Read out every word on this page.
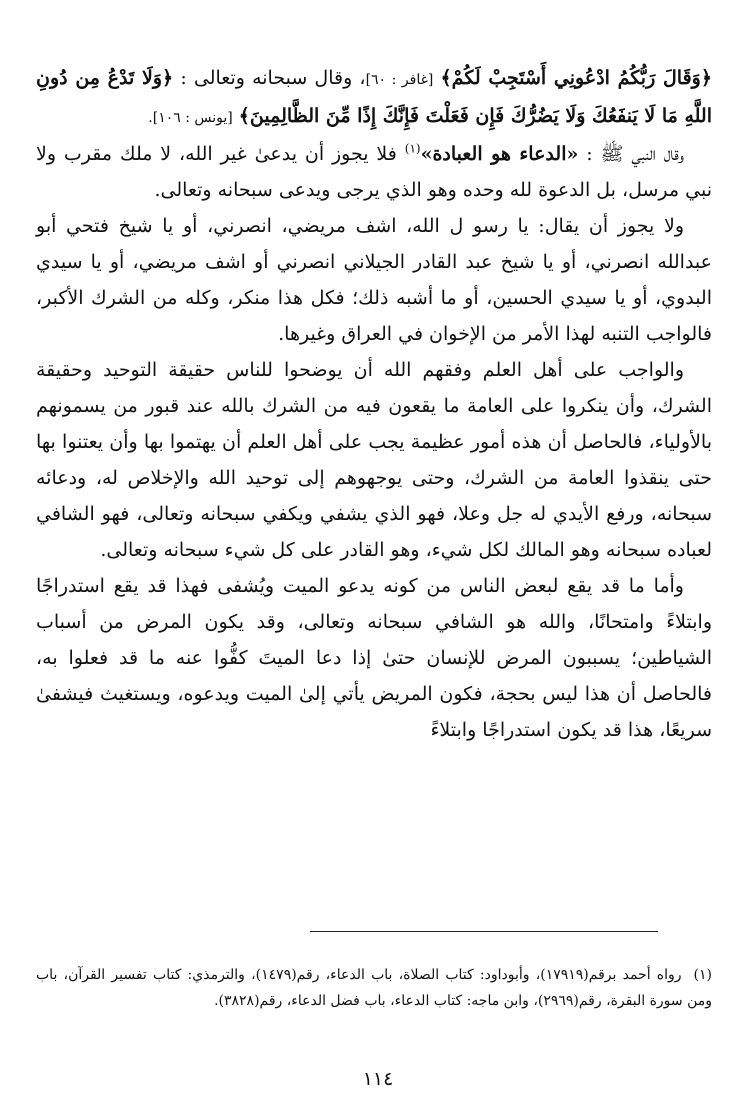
﴿وَقَالَ رَبُّكُمُ ادْعُونِي أَسْتَجِبْ لَكُمْ﴾ [غافر : ٦٠]، وقال سبحانه وتعالى : ﴿وَلَا تَدْعُ مِن دُونِ اللَّهِ مَا لَا يَنفَعُكَ وَلَا يَضُرُّكَ فَإِن فَعَلْتَ فَإِنَّكَ إِذًا مِّنَ الظَّالِمِينَ﴾ [يونس : ١٠٦].

وقال النبي ﷺ : «الدعاء هو العبادة»$^{(١)}$ فلا يجوز أن يدعىٰ غير الله، لا ملك مقرب ولا نبي مرسل، بل الدعوة لله وحده وهو الذي يرجى ويدعى سبحانه وتعالى.

ولا يجوز أن يقال: يا رسو ل الله، اشف مريضي، انصرني، أو يا شيخ فتحي أبو عبدالله انصرني، أو يا شيخ عبد القادر الجيلاني انصرني أو اشف مريضي، أو يا سيدي البدوي، أو يا سيدي الحسين، أو ما أشبه ذلك؛ فكل هذا منكر، وكله من الشرك الأكبر، فالواجب التنبه لهذا الأمر من الإخوان في العراق وغيرها.

والواجب على أهل العلم وفقهم الله أن يوضحوا للناس حقيقة التوحيد وحقيقة الشرك، وأن ينكروا على العامة ما يقعون فيه من الشرك بالله عند قبور من يسمونهم بالأولياء، فالحاصل أن هذه أمور عظيمة يجب على أهل العلم أن يهتموا بها وأن يعتنوا بها حتى ينقذوا العامة من الشرك، وحتى يوجهوهم إلى توحيد الله والإخلاص له، ودعائه سبحانه، ورفع الأيدي له جل وعلا، فهو الذي يشفي ويكفي سبحانه وتعالى، فهو الشافي لعباده سبحانه وهو المالك لكل شيء، وهو القادر على كل شيء سبحانه وتعالى.

وأما ما قد يقع لبعض الناس من كونه يدعو الميت ويُشفى فهذا قد يقع استدراجًا وابتلاءً وامتحانًا، والله هو الشافي سبحانه وتعالى، وقد يكون المرض من أسباب الشياطين؛ يسببون المرض للإنسان حتىٰ إذا دعا الميتَ كفُّوا عنه ما قد فعلوا به، فالحاصل أن هذا ليس بحجة، فكون المريض يأتي إلىٰ الميت ويدعوه، ويستغيث فيشفىٰ سريعًا، هذا قد يكون استدراجًا وابتلاءً

(١)رواه أحمد برقم(١٧٩١٩)، وأبوداود: كتاب الصلاة، باب الدعاء، رقم(١٤٧٩)، والترمذي: كتاب تفسير القرآن، باب ومن سورة البقرة، رقم(٢٩٦٩)، وابن ماجه: كتاب الدعاء، باب فضل الدعاء، رقم(٣٨٢٨).
١١٤
